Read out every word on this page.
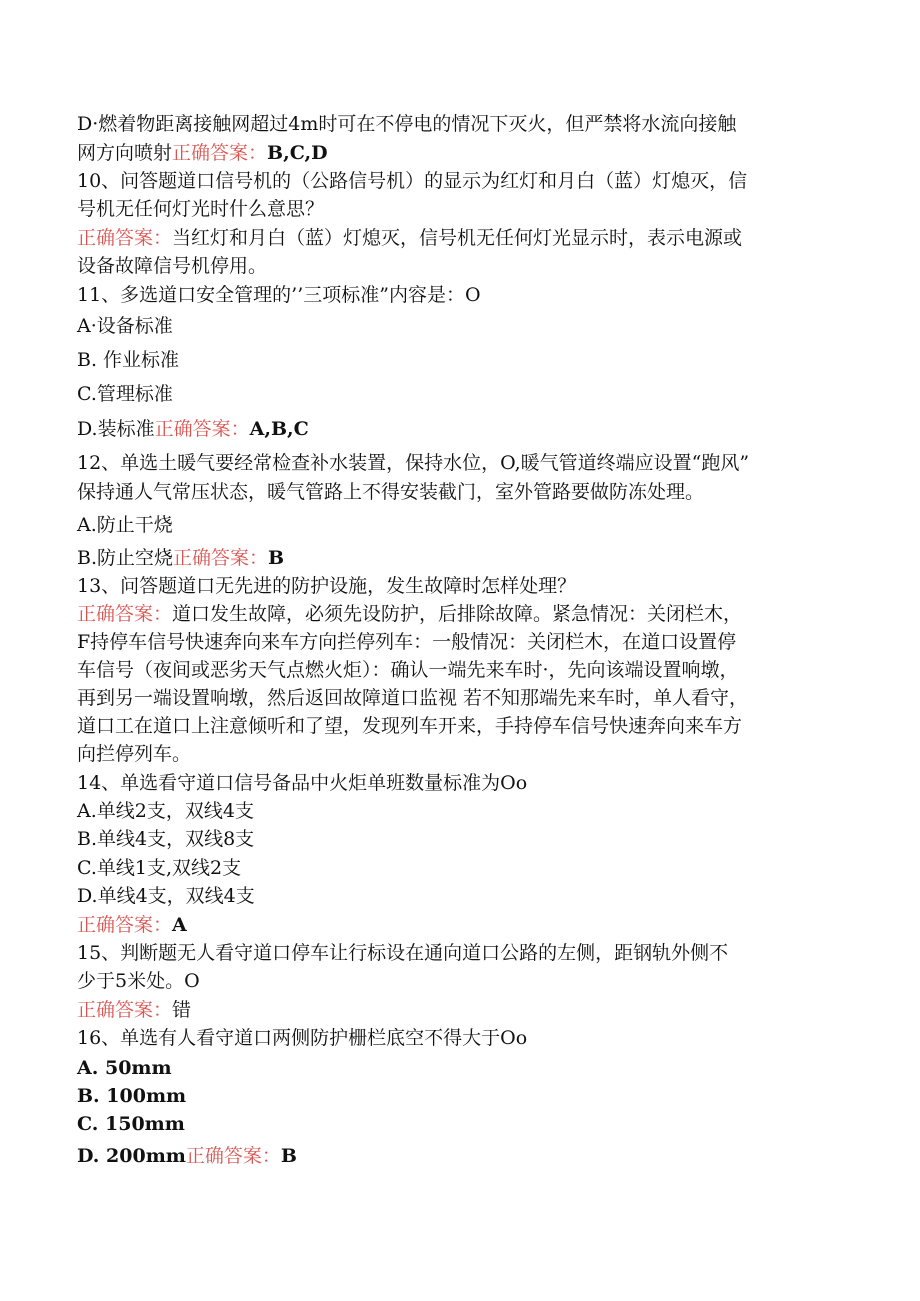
D·燃着物距离接触网超过4m时可在不停电的情况下灭火，但严禁将水流向接触
网方向喷射正确答案：B,C,D
10、问答题道口信号机的（公路信号机）的显示为红灯和月白（蓝）灯熄灭，信
号机无任何灯光时什么意思？
正确答案：当红灯和月白（蓝）灯熄灭，信号机无任何灯光显示时，表示电源或
设备故障信号机停用。
11、多选道口安全管理的’’三项标准”内容是：O
A·设备标准
B. 作业标准
C.管理标准
D.装标准正确答案：A,B,C
12、单选土暖气要经常检查补水装置，保持水位，O,暖气管道终端应设置“跑风”
保持通人气常压状态，暖气管路上不得安装截门，室外管路要做防冻处理。
A.防止干烧
B.防止空烧正确答案：B
13、问答题道口无先进的防护设施，发生故障时怎样处理？
正确答案：道口发生故障，必须先设防护，后排除故障。紧急情况：关闭栏木，
F持停车信号快速奔向来车方向拦停列车：一般情况：关闭栏木，在道口设置停
车信号（夜间或恶劣天气点燃火炬）：确认一端先来车时·，先向该端设置响墩，
再到另一端设置响墩，然后返回故障道口监视 若不知那端先来车时，单人看守，
道口工在道口上注意倾听和了望，发现列车开来，手持停车信号快速奔向来车方
向拦停列车。
14、单选看守道口信号备品中火炬单班数量标准为Oo
A.单线2支，双线4支
B.单线4支，双线8支
C.单线1支,双线2支
D.单线4支，双线4支
正确答案：A
15、判断题无人看守道口停车让行标设在通向道口公路的左侧，距钢轨外侧不
少于5米处。O
正确答案：错
16、单选有人看守道口两侧防护栅栏底空不得大于Oo
A. 50mm
B. 100mm
C. 150mm
D. 200mm正确答案：B
